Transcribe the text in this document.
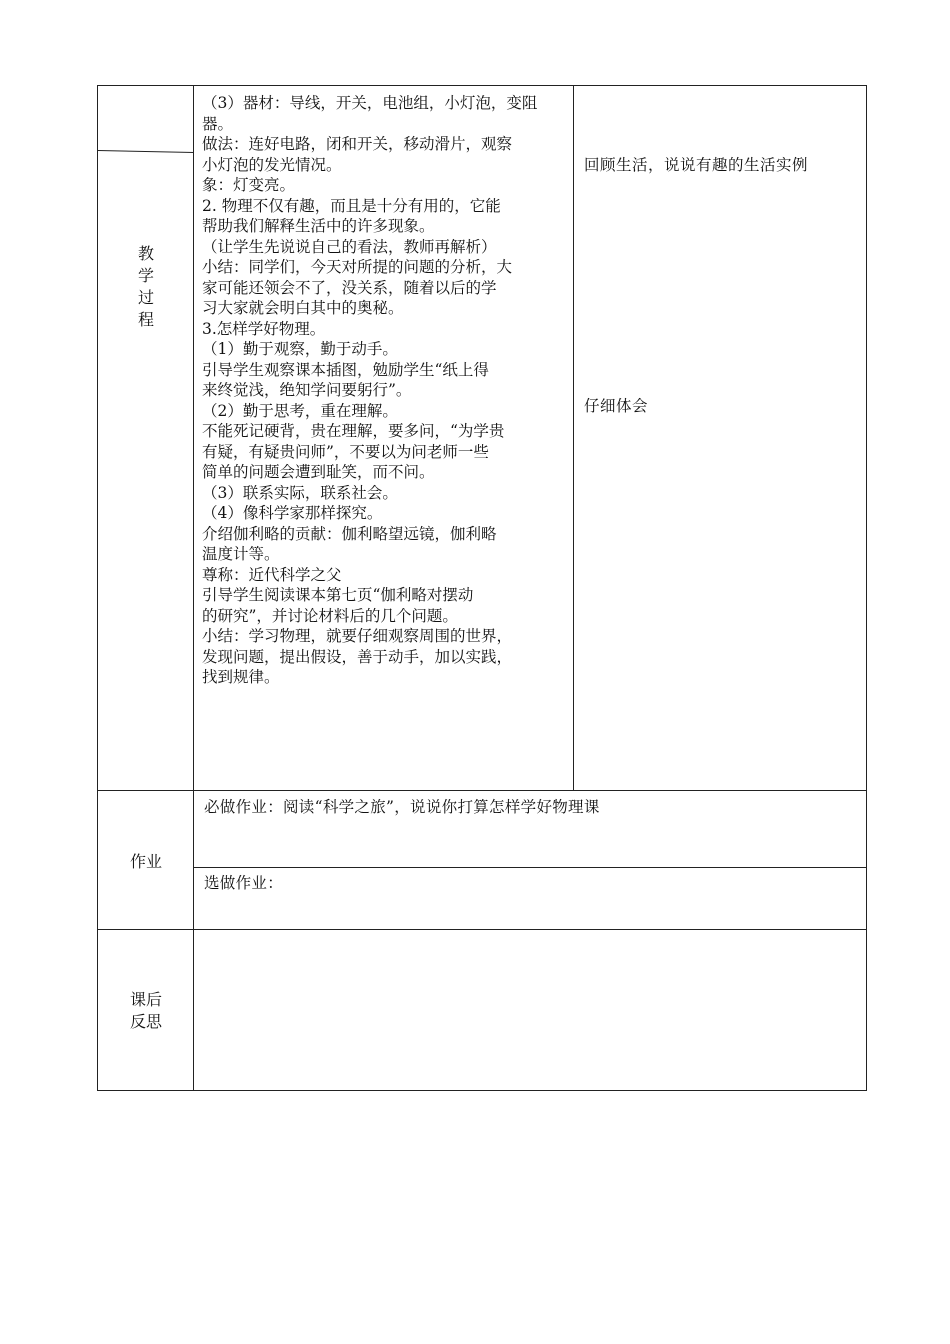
教
学
过
程

（3）器材：导线，开关，电池组，小灯泡，变阻

器。

做法：连好电路，闭和开关，移动滑片，观察

小灯泡的发光情况。

象：灯变亮。

2. 物理不仅有趣，而且是十分有用的，它能

帮助我们解释生活中的许多现象。

（让学生先说说自己的看法，教师再解析）

小结：同学们，今天对所提的问题的分析，大

家可能还领会不了，没关系，随着以后的学

习大家就会明白其中的奥秘。

3.怎样学好物理。

（1）勤于观察，勤于动手。

引导学生观察课本插图，勉励学生“纸上得

来终觉浅，绝知学问要躬行”。

（2）勤于思考，重在理解。

不能死记硬背，贵在理解，要多问，“为学贵

有疑，有疑贵问师”，不要以为问老师一些

简单的问题会遭到耻笑，而不问。

（3）联系实际，联系社会。

（4）像科学家那样探究。

介绍伽利略的贡献：伽利略望远镜，伽利略

温度计等。

尊称：近代科学之父

引导学生阅读课本第七页“伽利略对摆动

的研究”，并讨论材料后的几个问题。

小结：学习物理，就要仔细观察周围的世界，

发现问题，提出假设，善于动手，加以实践，

找到规律。

回顾生活，说说有趣的生活实例
仔细体会
作业
必做作业：阅读“科学之旅”，说说你打算怎样学好物理课
选做作业：
课后
反思
